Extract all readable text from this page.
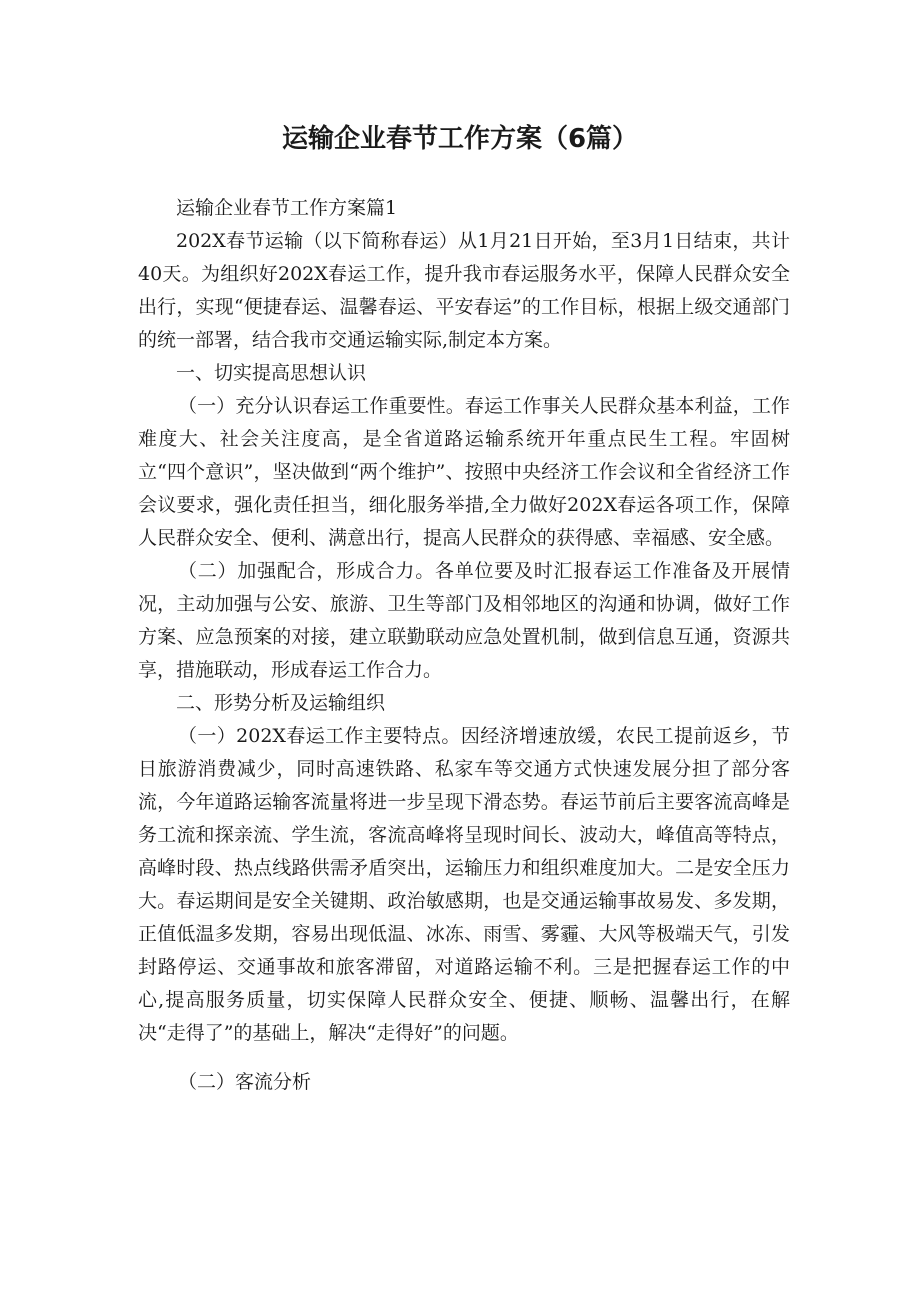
运输企业春节工作方案（6篇）

运输企业春节工作方案篇1

202X春节运输（以下简称春运）从1月21日开始，至3月1日结束，共计40天。为组织好202X春运工作，提升我市春运服务水平，保障人民群众安全出行，实现“便捷春运、温馨春运、平安春运”的工作目标，根据上级交通部门的统一部署，结合我市交通运输实际,制定本方案。

一、切实提高思想认识

（一）充分认识春运工作重要性。春运工作事关人民群众基本利益，工作难度大、社会关注度高，是全省道路运输系统开年重点民生工程。牢固树立“四个意识”，坚决做到“两个维护”、按照中央经济工作会议和全省经济工作会议要求，强化责任担当，细化服务举措,全力做好202X春运各项工作，保障人民群众安全、便利、满意出行，提高人民群众的获得感、幸福感、安全感。

（二）加强配合，形成合力。各单位要及时汇报春运工作准备及开展情况，主动加强与公安、旅游、卫生等部门及相邻地区的沟通和协调，做好工作方案、应急预案的对接，建立联勤联动应急处置机制，做到信息互通，资源共享，措施联动，形成春运工作合力。

二、形势分析及运输组织

（一）202X春运工作主要特点。因经济增速放缓，农民工提前返乡，节日旅游消费减少，同时高速铁路、私家车等交通方式快速发展分担了部分客流，今年道路运输客流量将进一步呈现下滑态势。春运节前后主要客流高峰是务工流和探亲流、学生流，客流高峰将呈现时间长、波动大，峰值高等特点，高峰时段、热点线路供需矛盾突出，运输压力和组织难度加大。二是安全压力大。春运期间是安全关键期、政治敏感期，也是交通运输事故易发、多发期，正值低温多发期，容易出现低温、冰冻、雨雪、雾霾、大风等极端天气，引发封路停运、交通事故和旅客滞留，对道路运输不利。三是把握春运工作的中心,提高服务质量，切实保障人民群众安全、便捷、顺畅、温馨出行，在解决“走得了”的基础上，解决“走得好”的问题。

（二）客流分析
